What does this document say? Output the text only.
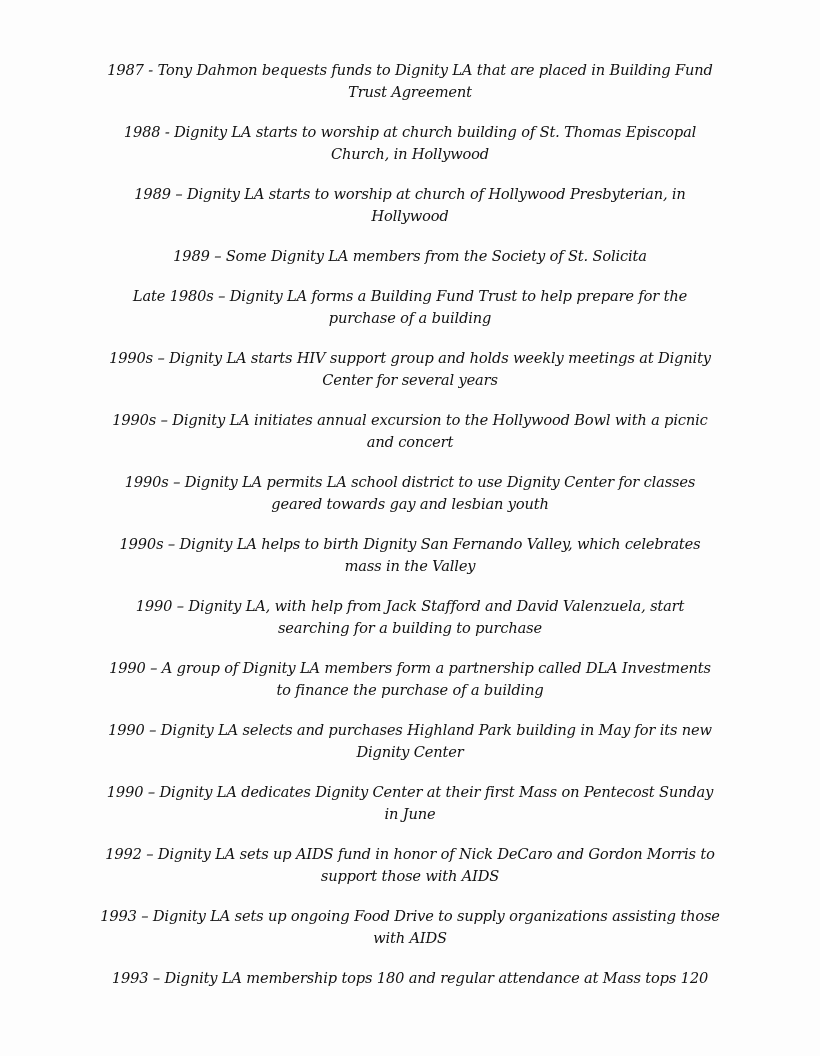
1987 - Tony Dahmon bequests funds to Dignity LA that are placed in Building Fund Trust Agreement
1988 - Dignity LA starts to worship at church building of St. Thomas Episcopal Church, in Hollywood
1989 – Dignity LA starts to worship at church of Hollywood Presbyterian, in Hollywood
1989 – Some Dignity LA members from the Society of St. Solicita
Late 1980s – Dignity LA forms a Building Fund Trust to help prepare for the purchase of a building
1990s – Dignity LA starts HIV support group and holds weekly meetings at Dignity Center for several years
1990s – Dignity LA initiates annual excursion to the Hollywood Bowl with a picnic and concert
1990s – Dignity LA permits LA school district to use Dignity Center for classes geared towards gay and lesbian youth
1990s – Dignity LA helps to birth Dignity San Fernando Valley, which celebrates mass in the Valley
1990 – Dignity LA, with help from Jack Stafford and David Valenzuela, start searching for a building to purchase
1990 – A group of Dignity LA members form a partnership called DLA Investments to finance the purchase of a building
1990 – Dignity LA selects and purchases Highland Park building in May for its new Dignity Center
1990 – Dignity LA dedicates Dignity Center at their first Mass on Pentecost Sunday in June
1992 – Dignity LA sets up AIDS fund in honor of Nick DeCaro and Gordon Morris to support those with AIDS
1993 – Dignity LA sets up ongoing Food Drive to supply organizations assisting those with AIDS
1993 – Dignity LA membership tops 180 and regular attendance at Mass tops 120
